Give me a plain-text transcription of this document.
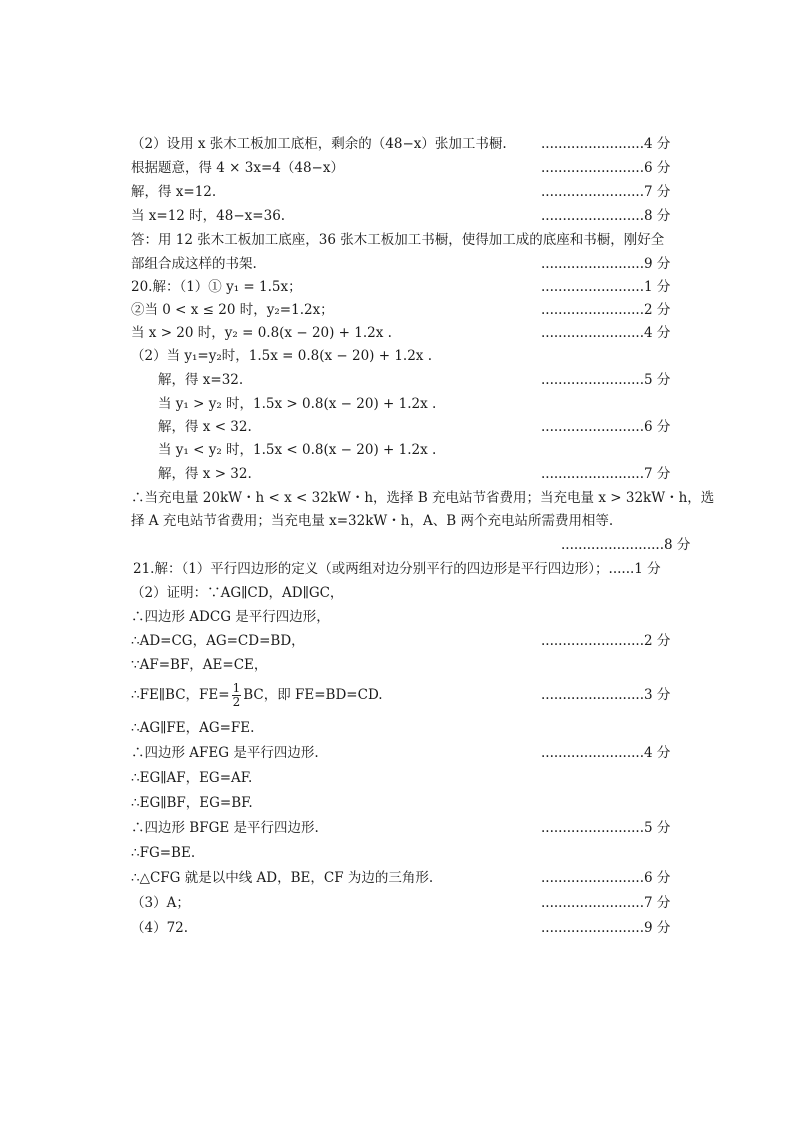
（2）设用 x 张木工板加工底柜，剩余的（48−x）张加工书橱.	........................4 分
根据题意，得 4 × 3x=4（48−x）	........................6 分
解，得 x=12.	........................7 分
当 x=12 时，48−x=36.	........................8 分
答：用 12 张木工板加工底座，36 张木工板加工书橱，使得加工成的底座和书橱，刚好全
部组合成这样的书架.	........................9 分
20.解：（1）① y₁ = 1.5x；	........................1 分
②当 0 < x ≤ 20 时，y₂=1.2x；	........................2 分
当 x > 20 时，y₂ = 0.8(x − 20) + 1.2x .	........................4 分
（2）当 y₁=y₂时，1.5x = 0.8(x − 20) + 1.2x .
解，得 x=32.	........................5 分
当 y₁ > y₂ 时，1.5x > 0.8(x − 20) + 1.2x .
解，得 x < 32.	........................6 分
当 y₁ < y₂ 时，1.5x < 0.8(x − 20) + 1.2x .
解，得 x > 32.	........................7 分
∴当充电量 20kW・h < x < 32kW・h，选择 B 充电站节省费用；当充电量 x > 32kW・h，选
择 A 充电站节省费用；当充电量 x=32kW・h，A、B 两个充电站所需费用相等.
........................8 分
21.解：（1）平行四边形的定义（或两组对边分别平行的四边形是平行四边形）；......1 分
（2）证明：∵AG∥CD，AD∥GC，
∴四边形 ADCG 是平行四边形，
∴AD=CG，AG=CD=BD，	........................2 分
∵AF=BF，AE=CE，
∴FE∥BC，$FE= \frac{1}{2}$ BC，即 FE=BD=CD.	........................3 分
∴AG∥FE，AG=FE.
∴四边形 AFEG 是平行四边形.	........................4 分
∴EG∥AF，EG=AF.
∴EG∥BF，EG=BF.
∴四边形 BFGE 是平行四边形.	........................5 分
∴FG=BE.
∴△CFG 就是以中线 AD，BE，CF 为边的三角形.	........................6 分
（3）A；	........................7 分
（4）72.	........................9 分
